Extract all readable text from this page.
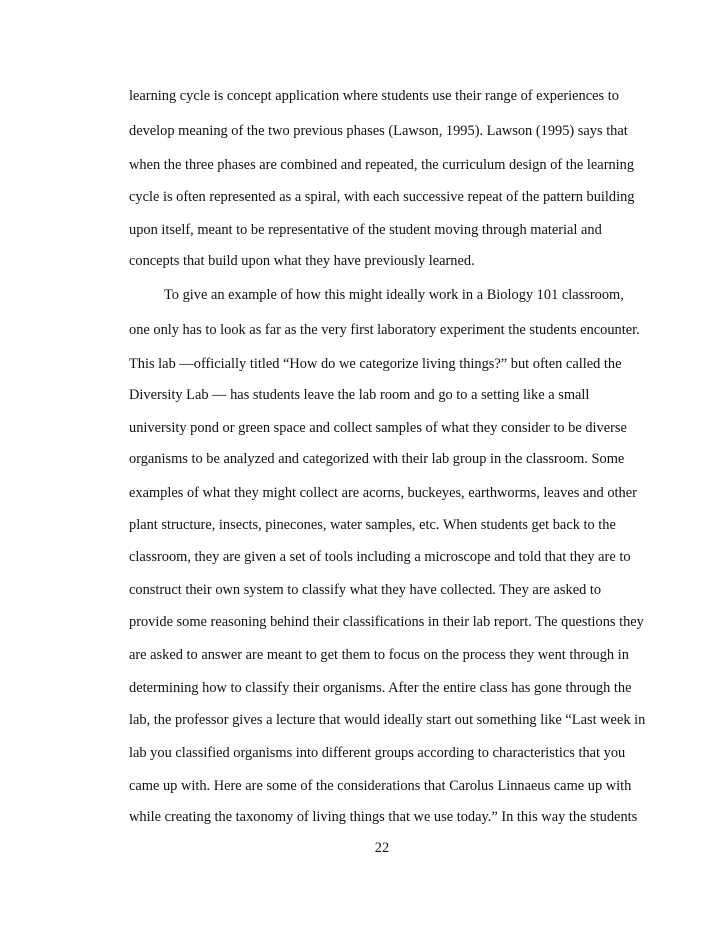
learning cycle is concept application where students use their range of experiences to
develop meaning of the two previous phases (Lawson, 1995). Lawson (1995) says that
when the three phases are combined and repeated, the curriculum design of the learning
cycle is often represented as a spiral, with each successive repeat of the pattern building
upon itself, meant to be representative of the student moving through material and
concepts that build upon what they have previously learned.
To give an example of how this might ideally work in a Biology 101 classroom,
one only has to look as far as the very first laboratory experiment the students encounter.
This lab —officially titled “How do we categorize living things?” but often called the
Diversity Lab — has students leave the lab room and go to a setting like a small
university pond or green space and collect samples of what they consider to be diverse
organisms to be analyzed and categorized with their lab group in the classroom. Some
examples of what they might collect are acorns, buckeyes, earthworms, leaves and other
plant structure, insects, pinecones, water samples, etc. When students get back to the
classroom, they are given a set of tools including a microscope and told that they are to
construct their own system to classify what they have collected. They are asked to
provide some reasoning behind their classifications in their lab report. The questions they
are asked to answer are meant to get them to focus on the process they went through in
determining how to classify their organisms. After the entire class has gone through the
lab, the professor gives a lecture that would ideally start out something like “Last week in
lab you classified organisms into different groups according to characteristics that you
came up with. Here are some of the considerations that Carolus Linnaeus came up with
while creating the taxonomy of living things that we use today.” In this way the students
22
